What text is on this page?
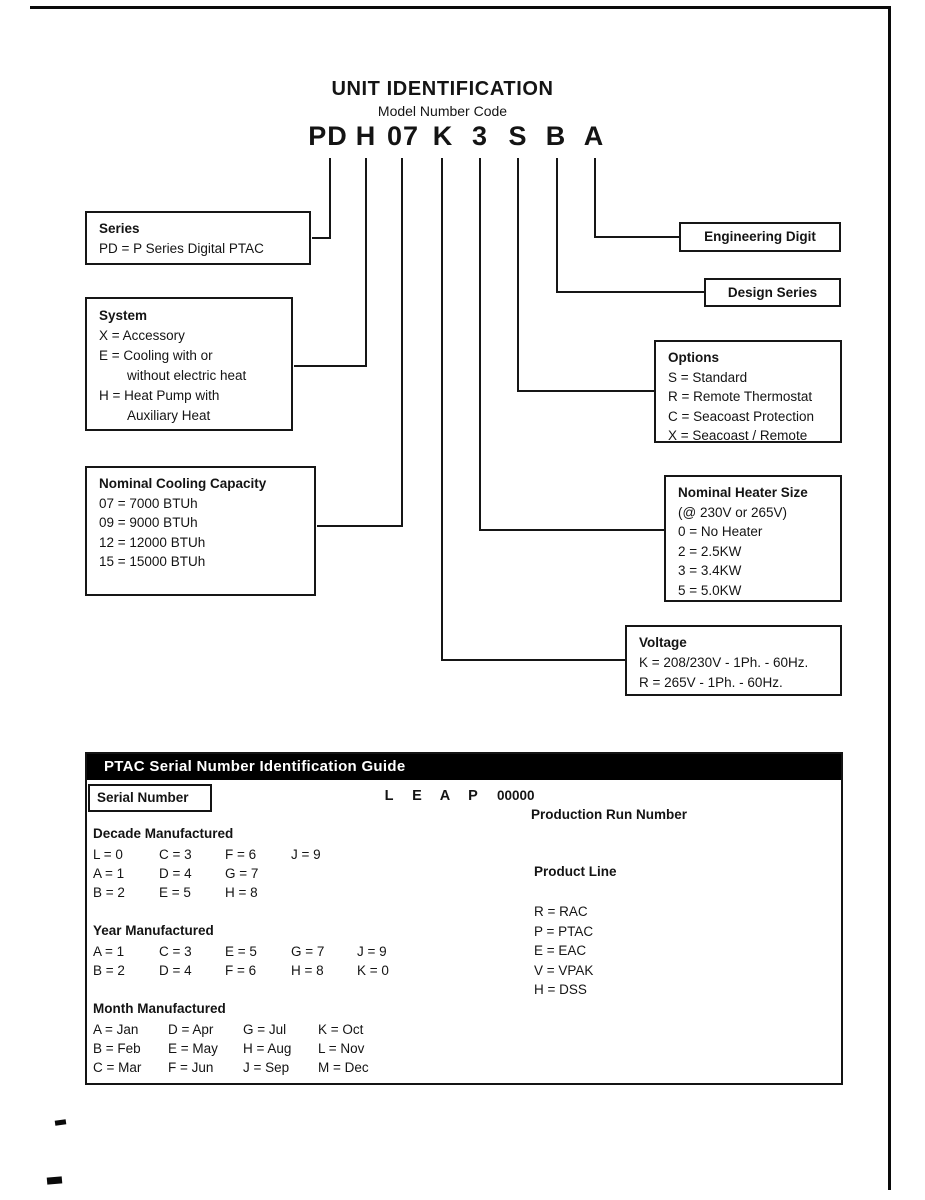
UNIT IDENTIFICATION
Model Number Code
PD H 07 K 3 S B A
Series
PD = P Series Digital PTAC
System
X = Accessory
E = Cooling with or
without electric heat
H = Heat Pump with
Auxiliary Heat
Nominal Cooling Capacity
07 = 7000 BTUh
09 = 9000 BTUh
12 = 12000 BTUh
15 = 15000 BTUh
Engineering Digit
Design Series
Options
S = Standard
R = Remote Thermostat
C = Seacoast Protection
X = Seacoast / Remote
Nominal Heater Size
(@ 230V or 265V)
0 = No Heater
2 = 2.5KW
3 = 3.4KW
5 = 5.0KW
Voltage
K = 208/230V - 1Ph. - 60Hz.
R = 265V - 1Ph. - 60Hz.
PTAC Serial Number Identification Guide
Serial Number	L E A P 00000
Production Run Number
Decade Manufactured
L = 0	C = 3 F = 6	J = 9
A = 1	D = 4 G = 7
B = 2	E = 5	H = 8
Year Manufactured
A = 1	C = 3 E = 5	G = 7 J = 9
B = 2	D = 4 F = 6	H = 8 K = 0
Month Manufactured
A = Jan D = Apr G = Jul K = Oct
B = Feb E = May H = Aug L = Nov
C = Mar F = Jun J = Sep M = Dec
Product Line
R = RAC
P = PTAC
E = EAC
V = VPAK
H = DSS
